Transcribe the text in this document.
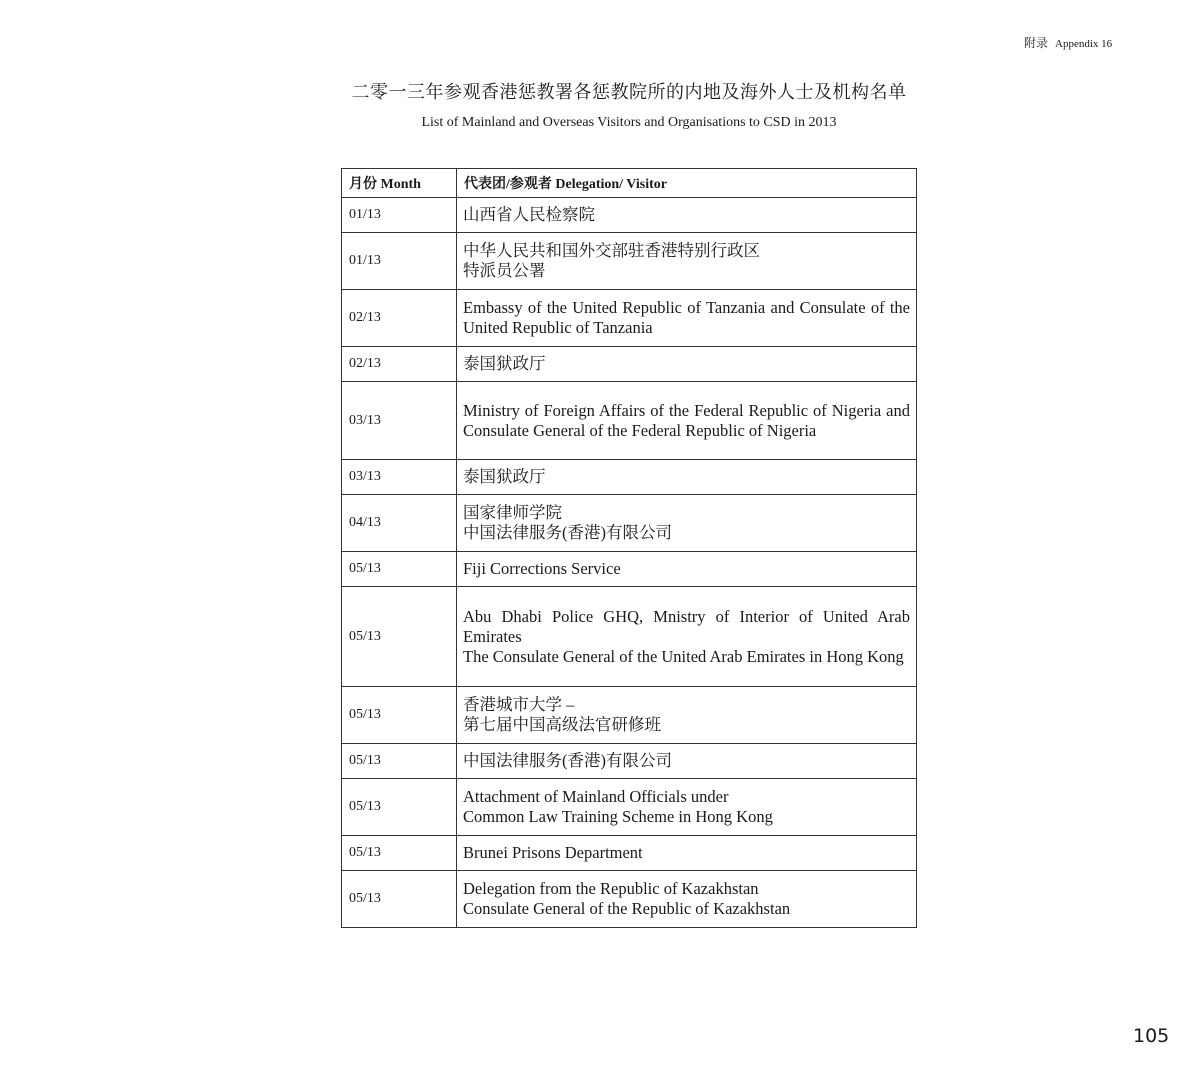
附录 Appendix 16
二零一三年参观香港惩教署各惩教院所的内地及海外人士及机构名单
List of Mainland and Overseas Visitors and Organisations to CSD in 2013
月份 Month	代表团/参观者 Delegation/ Visitor

01/13	山西省人民检察院

01/13	中华人民共和国外交部驻香港特别行政区
特派员公署

02/13	Embassy of the United Republic of Tanzania and Consulate of the United Republic of Tanzania

02/13	泰国狱政厅

03/13	Ministry of Foreign Affairs of the Federal Republic of Nigeria and Consulate General of the Federal Republic of Nigeria

03/13	泰国狱政厅

04/13	国家律师学院
中国法律服务(香港)有限公司

05/13	Fiji Corrections Service

05/13	Abu Dhabi Police GHQ, Mnistry of Interior of United Arab Emirates
The Consulate General of the United Arab Emirates in Hong Kong

05/13	香港城市大学 –
第七届中国高级法官研修班

05/13	中国法律服务(香港)有限公司

05/13	Attachment of Mainland Officials under
Common Law Training Scheme in Hong Kong

05/13	Brunei Prisons Department

05/13	Delegation from the Republic of Kazakhstan
Consulate General of the Republic of Kazakhstan
105
